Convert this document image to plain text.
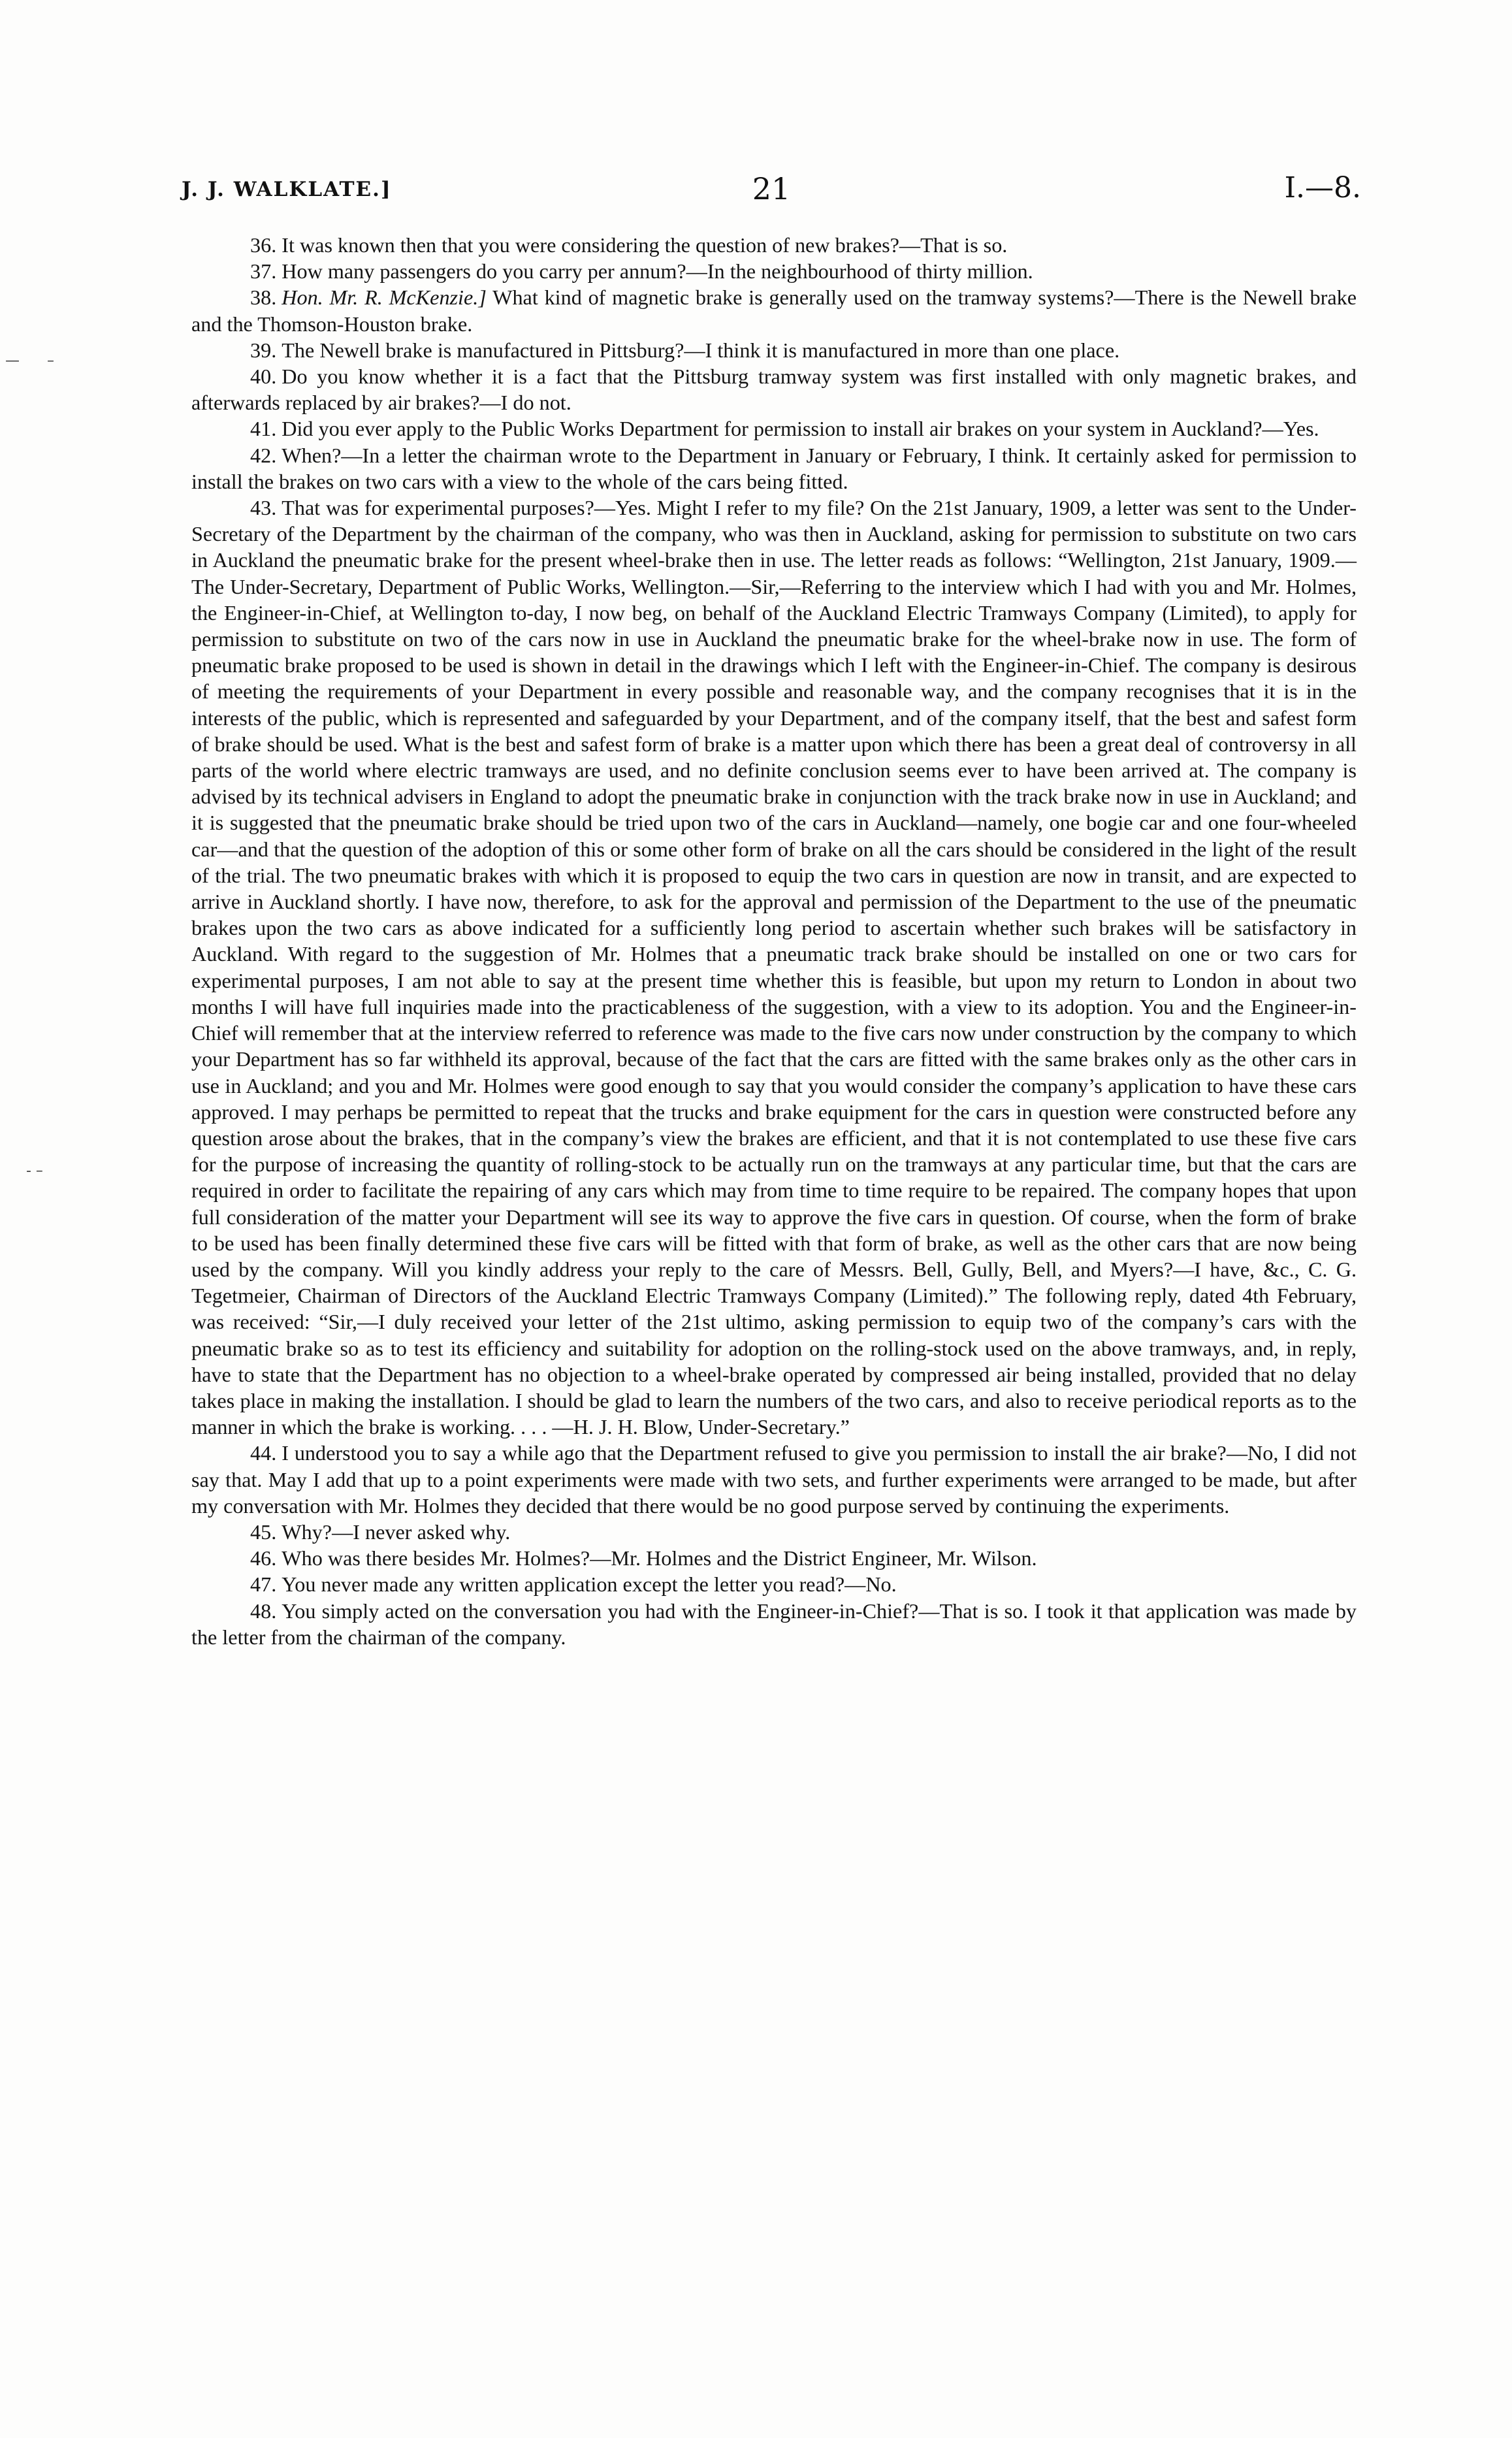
J. J. WALKLATE.]	21	I.—8.
—      –
‑ –

36. It was known then that you were considering the question of new brakes?—That is so.

37. How many passengers do you carry per annum?—In the neighbourhood of thirty million.

38. Hon. Mr. R. McKenzie.] What kind of magnetic brake is generally used on the tramway systems?—There is the Newell brake and the Thomson-Houston brake.

39. The Newell brake is manufactured in Pittsburg?—I think it is manufactured in more than one place.

40. Do you know whether it is a fact that the Pittsburg tramway system was first installed with only magnetic brakes, and afterwards replaced by air brakes?—I do not.

41. Did you ever apply to the Public Works Department for permission to install air brakes on your system in Auckland?—Yes.

42. When?—In a letter the chairman wrote to the Department in January or February, I think. It certainly asked for permission to install the brakes on two cars with a view to the whole of the cars being fitted.

43. That was for experimental purposes?—Yes. Might I refer to my file? On the 21st January, 1909, a letter was sent to the Under-Secretary of the Department by the chairman of the company, who was then in Auckland, asking for permission to substitute on two cars in Auckland the pneumatic brake for the present wheel-brake then in use. The letter reads as follows: “Wellington, 21st January, 1909.—The Under-Secretary, Department of Public Works, Wellington.—Sir,—Referring to the interview which I had with you and Mr. Holmes, the Engineer-in-Chief, at Wellington to-day, I now beg, on behalf of the Auckland Electric Tramways Company (Limited), to apply for permission to substitute on two of the cars now in use in Auckland the pneumatic brake for the wheel-brake now in use. The form of pneumatic brake proposed to be used is shown in detail in the drawings which I left with the Engineer-in-Chief. The company is desirous of meeting the requirements of your Department in every possible and reasonable way, and the company recognises that it is in the interests of the public, which is represented and safeguarded by your Department, and of the company itself, that the best and safest form of brake should be used. What is the best and safest form of brake is a matter upon which there has been a great deal of controversy in all parts of the world where electric tramways are used, and no definite conclusion seems ever to have been arrived at. The company is advised by its technical advisers in England to adopt the pneumatic brake in conjunction with the track brake now in use in Auckland; and it is suggested that the pneumatic brake should be tried upon two of the cars in Auckland—namely, one bogie car and one four-wheeled car—and that the question of the adoption of this or some other form of brake on all the cars should be considered in the light of the result of the trial. The two pneumatic brakes with which it is proposed to equip the two cars in question are now in transit, and are expected to arrive in Auckland shortly. I have now, therefore, to ask for the approval and permission of the Department to the use of the pneumatic brakes upon the two cars as above indicated for a sufficiently long period to ascertain whether such brakes will be satisfactory in Auckland. With regard to the suggestion of Mr. Holmes that a pneumatic track brake should be installed on one or two cars for experimental purposes, I am not able to say at the present time whether this is feasible, but upon my return to London in about two months I will have full inquiries made into the practicableness of the suggestion, with a view to its adoption. You and the Engineer-in-Chief will remember that at the interview referred to reference was made to the five cars now under construction by the company to which your Department has so far withheld its approval, because of the fact that the cars are fitted with the same brakes only as the other cars in use in Auckland; and you and Mr. Holmes were good enough to say that you would consider the company’s application to have these cars approved. I may perhaps be permitted to repeat that the trucks and brake equipment for the cars in question were constructed before any question arose about the brakes, that in the company’s view the brakes are efficient, and that it is not contemplated to use these five cars for the purpose of increasing the quantity of rolling-stock to be actually run on the tramways at any particular time, but that the cars are required in order to facilitate the repairing of any cars which may from time to time require to be repaired. The company hopes that upon full consideration of the matter your Department will see its way to approve the five cars in question. Of course, when the form of brake to be used has been finally determined these five cars will be fitted with that form of brake, as well as the other cars that are now being used by the company. Will you kindly address your reply to the care of Messrs. Bell, Gully, Bell, and Myers?—I have, &c., C. G. Tegetmeier, Chairman of Directors of the Auckland Electric Tramways Company (Limited).” The following reply, dated 4th February, was received: “Sir,—I duly received your letter of the 21st ultimo, asking permission to equip two of the company’s cars with the pneumatic brake so as to test its efficiency and suitability for adoption on the rolling-stock used on the above tramways, and, in reply, have to state that the Department has no objection to a wheel-brake operated by compressed air being installed, provided that no delay takes place in making the installation. I should be glad to learn the numbers of the two cars, and also to receive periodical reports as to the manner in which the brake is working. . . . —H. J. H. Blow, Under-Secretary.”

44. I understood you to say a while ago that the Department refused to give you permission to install the air brake?—No, I did not say that. May I add that up to a point experiments were made with two sets, and further experiments were arranged to be made, but after my conversation with Mr. Holmes they decided that there would be no good purpose served by continuing the experiments.

45. Why?—I never asked why.

46. Who was there besides Mr. Holmes?—Mr. Holmes and the District Engineer, Mr. Wilson.

47. You never made any written application except the letter you read?—No.

48. You simply acted on the conversation you had with the Engineer-in-Chief?—That is so. I took it that application was made by the letter from the chairman of the company.
